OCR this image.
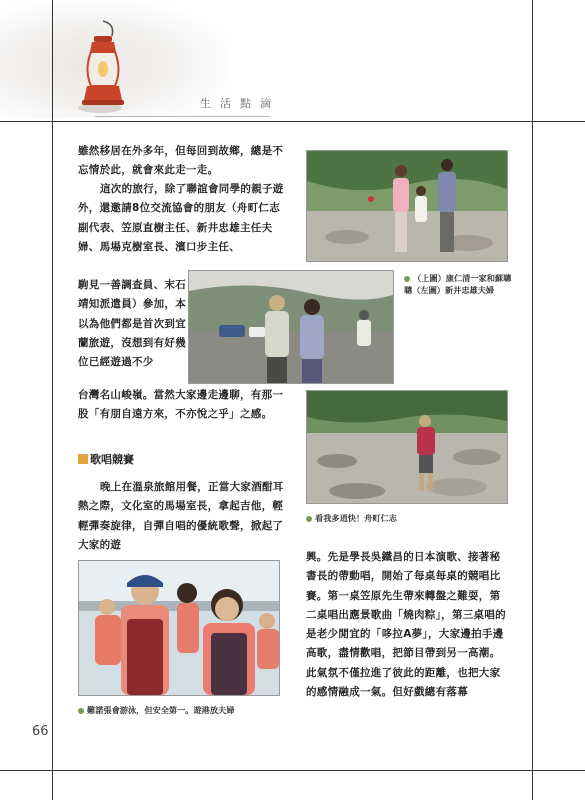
生活點滴

雖然移居在外多年，但每回到故鄉，總是不忘情於此，就會來此走一走。

這次的旅行，除了聯誼會同學的親子遊外，還邀請8位交流協會的朋友（舟町仁志副代表、笠原直樹主任、新井忠雄主任夫婦、馬場克樹室長、濱口步主任、

駒見一善調查員、末石靖知派遣員）參加，本以為他們都是首次到宜蘭旅遊，沒想到有好幾位已經遊過不少

台灣名山峻嶺。當然大家邊走邊聊，有那一股「有朋自遠方來，不亦悅之乎」之感。

歌唱競賽

晚上在溫泉旅館用餐，正當大家酒酣耳熱之際，文化室的馬場室長，拿起吉他，輕輕彈奏旋律，自彈自唱的優統歌聲，掀起了大家的遊

興。先是學長吳鐵昌的日本演歌、接著秘書長的帶動唱，開始了每桌每桌的競唱比賽。第一桌笠原先生帶來轉盤之難耍，第二桌唱出應景歌曲「燒肉粽」，第三桌唱的是老少閒宜的「哆拉A夢」，大家邊拍手邊高歌，盡情歡唱，把節目帶到另一高潮。此氣氛不僅拉進了彼此的距離，也把大家的感情融成一氣。但好戲總有落幕

（上圖）康仁清一家和蘇聰聰（左圖）新井忠雄夫婦

看我多逍快！舟町仁志

難諾張會游泳，但安全第一。遊港放夫婦

66
